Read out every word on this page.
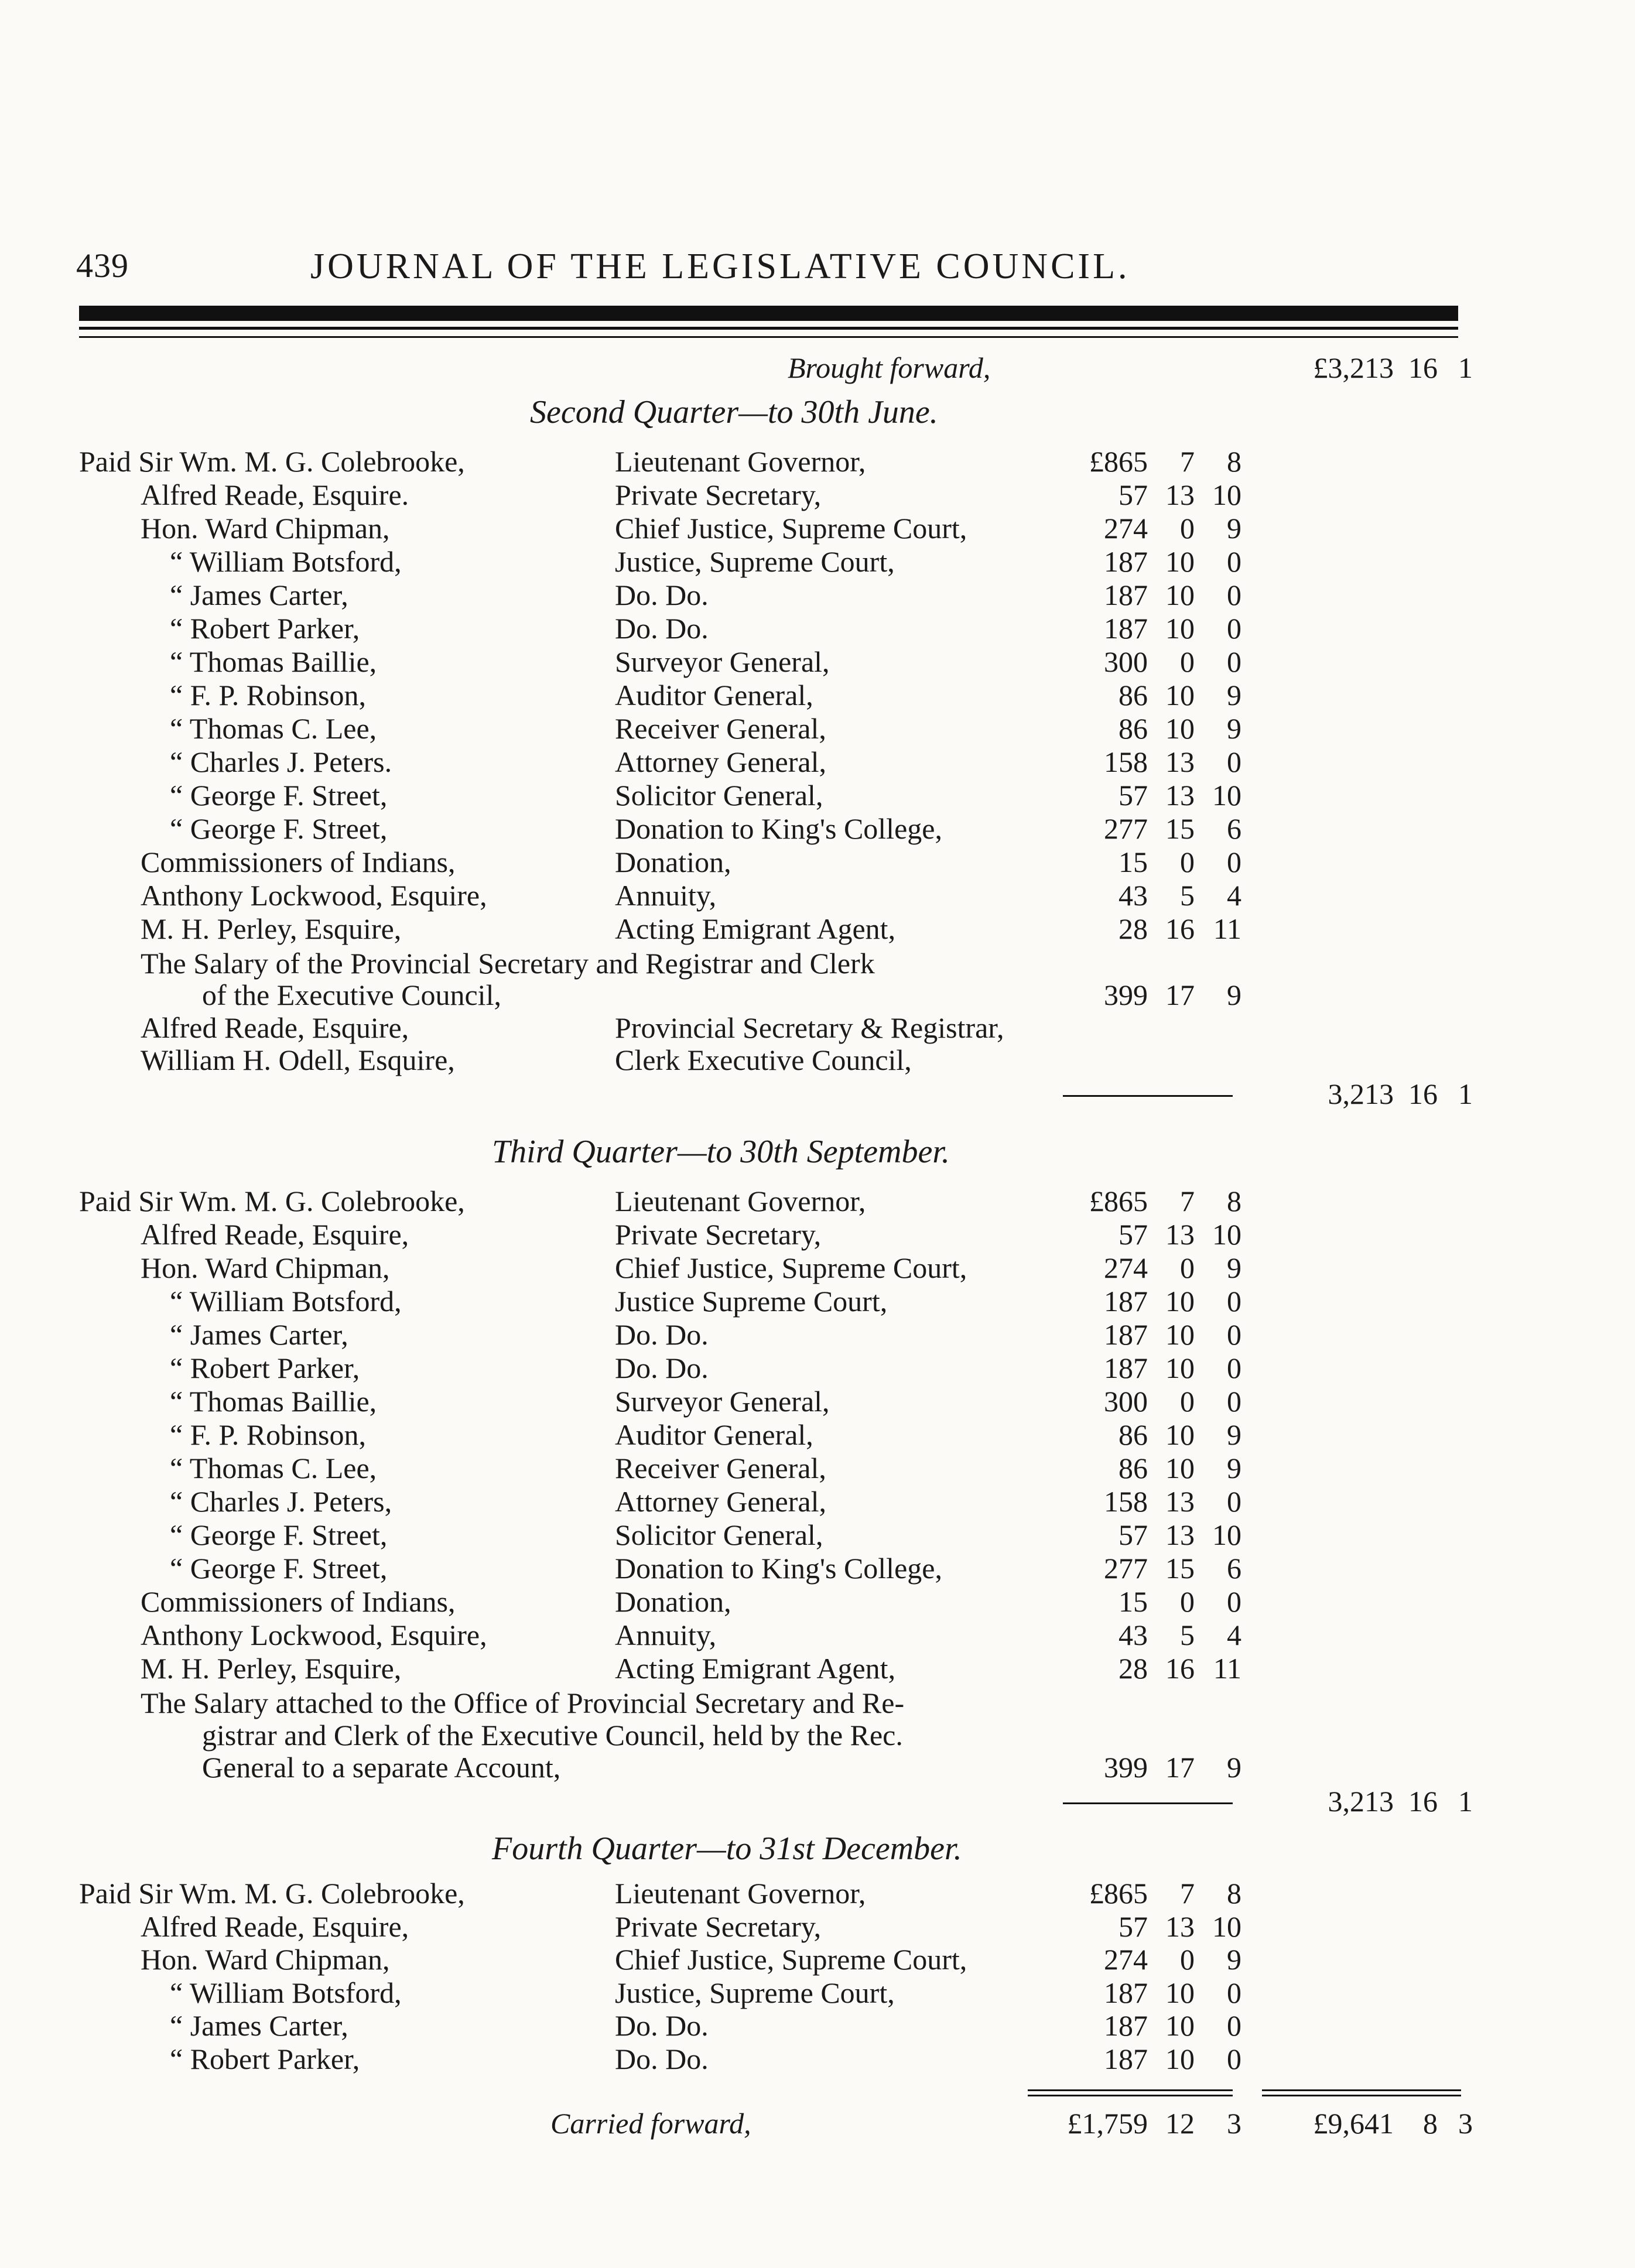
439	JOURNAL OF THE LEGISLATIVE COUNCIL.
Brought forward,	£3,213 16 1
Second Quarter—to 30th June.
Paid Sir Wm. M. G. Colebrooke,	Lieutenant Governor,	£865	7	8
Alfred Reade, Esquire.	Private Secretary,	57 13 10
Hon. Ward Chipman,	Chief Justice, Supreme Court,	274	0	9
“ William Botsford,	Justice, Supreme Court,	187 10	0
“ James Carter,	Do. Do.	187 10	0
“ Robert Parker,	Do. Do.	187 10	0
“ Thomas Baillie,	Surveyor General,	300	0	0
“ F. P. Robinson,	Auditor General,	86 10	9
“ Thomas C. Lee,	Receiver General,	86 10	9
“ Charles J. Peters.	Attorney General,	158 13	0
“ George F. Street,	Solicitor General,	57 13 10
“ George F. Street,	Donation to King's College,	277 15	6
Commissioners of Indians,	Donation,	15	0	0
Anthony Lockwood, Esquire,	Annuity,	43	5	4
M. H. Perley, Esquire,	Acting Emigrant Agent,	28 16 11
The Salary of the Provincial Secretary and Registrar and Clerk
of the Executive Council,	399 17	9
Alfred Reade, Esquire,	Provincial Secretary & Registrar,
William H. Odell, Esquire,	Clerk Executive Council,
3,213 16 1
Third Quarter—to 30th September.
Paid Sir Wm. M. G. Colebrooke,	Lieutenant Governor,	£865	7	8
Alfred Reade, Esquire,	Private Secretary,	57 13 10
Hon. Ward Chipman,	Chief Justice, Supreme Court,	274	0	9
“ William Botsford,	Justice Supreme Court,	187 10	0
“ James Carter,	Do. Do.	187 10	0
“ Robert Parker,	Do. Do.	187 10	0
“ Thomas Baillie,	Surveyor General,	300	0	0
“ F. P. Robinson,	Auditor General,	86 10	9
“ Thomas C. Lee,	Receiver General,	86 10	9
“ Charles J. Peters,	Attorney General,	158 13	0
“ George F. Street,	Solicitor General,	57 13 10
“ George F. Street,	Donation to King's College,	277 15	6
Commissioners of Indians,	Donation,	15	0	0
Anthony Lockwood, Esquire,	Annuity,	43	5	4
M. H. Perley, Esquire,	Acting Emigrant Agent,	28 16 11
The Salary attached to the Office of Provincial Secretary and Re-
gistrar and Clerk of the Executive Council, held by the Rec.
General to a separate Account,	399 17	9
3,213 16 1
Fourth Quarter—to 31st December.
Paid Sir Wm. M. G. Colebrooke,	Lieutenant Governor,	£865	7	8
Alfred Reade, Esquire,	Private Secretary,	57 13 10
Hon. Ward Chipman,	Chief Justice, Supreme Court,	274	0	9
“ William Botsford,	Justice, Supreme Court,	187 10	0
“ James Carter,	Do. Do.	187 10	0
“ Robert Parker,	Do. Do.	187 10	0
Carried forward,	£1,759 12	3	£9,641	8 3
